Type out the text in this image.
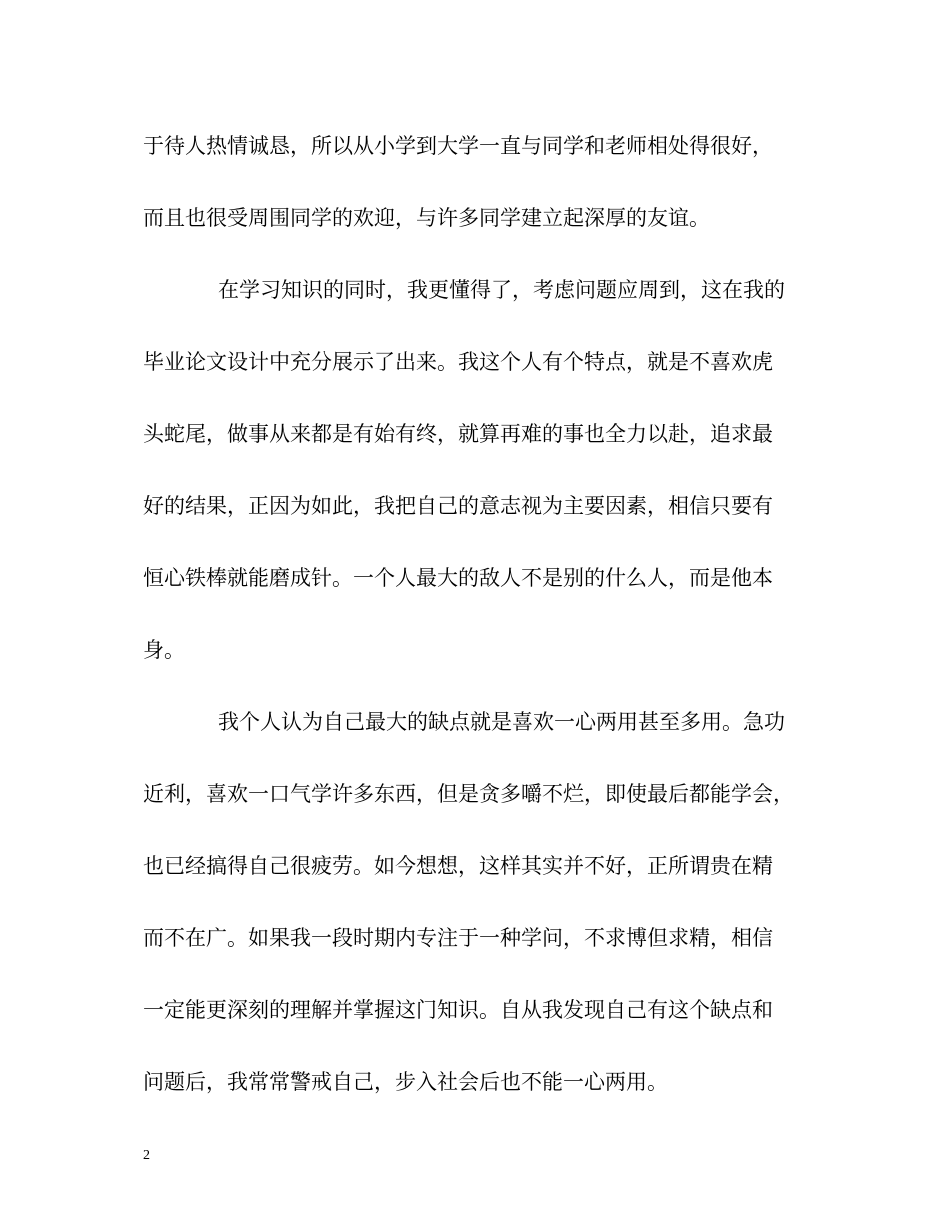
于待人热情诚恳，所以从小学到大学一直与同学和老师相处得很好，
而且也很受周围同学的欢迎，与许多同学建立起深厚的友谊。
在学习知识的同时，我更懂得了，考虑问题应周到，这在我的
毕业论文设计中充分展示了出来。我这个人有个特点，就是不喜欢虎
头蛇尾，做事从来都是有始有终，就算再难的事也全力以赴，追求最
好的结果，正因为如此，我把自己的意志视为主要因素，相信只要有
恒心铁棒就能磨成针。一个人最大的敌人不是别的什么人，而是他本
身。
我个人认为自己最大的缺点就是喜欢一心两用甚至多用。急功
近利，喜欢一口气学许多东西，但是贪多嚼不烂，即使最后都能学会，
也已经搞得自己很疲劳。如今想想，这样其实并不好，正所谓贵在精
而不在广。如果我一段时期内专注于一种学问，不求博但求精，相信
一定能更深刻的理解并掌握这门知识。自从我发现自己有这个缺点和
问题后，我常常警戒自己，步入社会后也不能一心两用。
2
